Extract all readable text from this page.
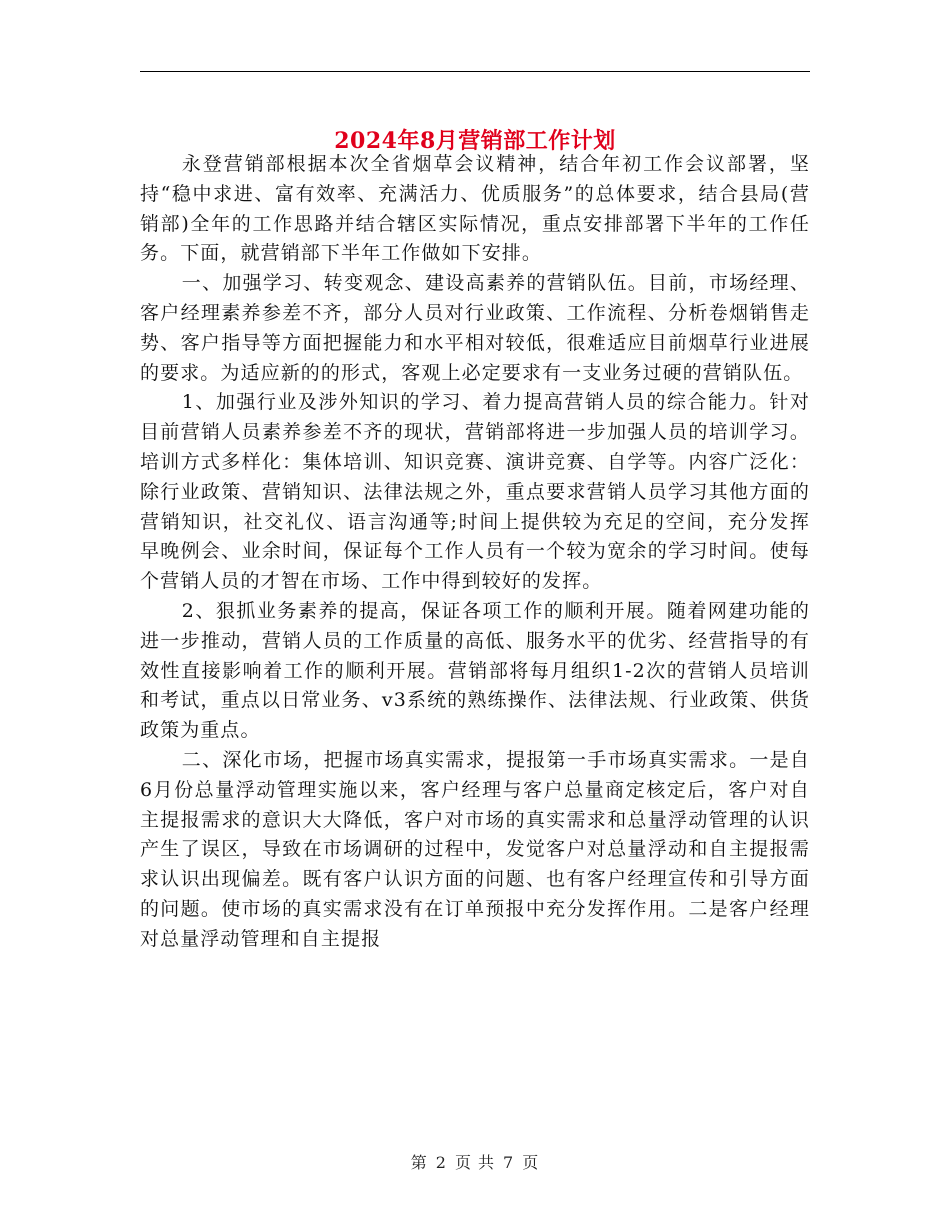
2024年8月营销部工作计划

永登营销部根据本次全省烟草会议精神，结合年初工作会议部署，坚持“稳中求进、富有效率、充满活力、优质服务”的总体要求，结合县局(营销部)全年的工作思路并结合辖区实际情况，重点安排部署下半年的工作任务。下面，就营销部下半年工作做如下安排。

一、加强学习、转变观念、建设高素养的营销队伍。目前，市场经理、客户经理素养参差不齐，部分人员对行业政策、工作流程、分析卷烟销售走势、客户指导等方面把握能力和水平相对较低，很难适应目前烟草行业进展的要求。为适应新的的形式，客观上必定要求有一支业务过硬的营销队伍。

1、加强行业及涉外知识的学习、着力提高营销人员的综合能力。针对目前营销人员素养参差不齐的现状，营销部将进一步加强人员的培训学习。培训方式多样化：集体培训、知识竞赛、演讲竞赛、自学等。内容广泛化：除行业政策、营销知识、法律法规之外，重点要求营销人员学习其他方面的营销知识，社交礼仪、语言沟通等;时间上提供较为充足的空间，充分发挥早晚例会、业余时间，保证每个工作人员有一个较为宽余的学习时间。使每个营销人员的才智在市场、工作中得到较好的发挥。

2、狠抓业务素养的提高，保证各项工作的顺利开展。随着网建功能的进一步推动，营销人员的工作质量的高低、服务水平的优劣、经营指导的有效性直接影响着工作的顺利开展。营销部将每月组织1-2次的营销人员培训和考试，重点以日常业务、v3系统的熟练操作、法律法规、行业政策、供货政策为重点。

二、深化市场，把握市场真实需求，提报第一手市场真实需求。一是自6月份总量浮动管理实施以来，客户经理与客户总量商定核定后，客户对自主提报需求的意识大大降低，客户对市场的真实需求和总量浮动管理的认识产生了误区，导致在市场调研的过程中，发觉客户对总量浮动和自主提报需求认识出现偏差。既有客户认识方面的问题、也有客户经理宣传和引导方面的问题。使市场的真实需求没有在订单预报中充分发挥作用。二是客户经理对总量浮动管理和自主提报

第 2 页 共 7 页
